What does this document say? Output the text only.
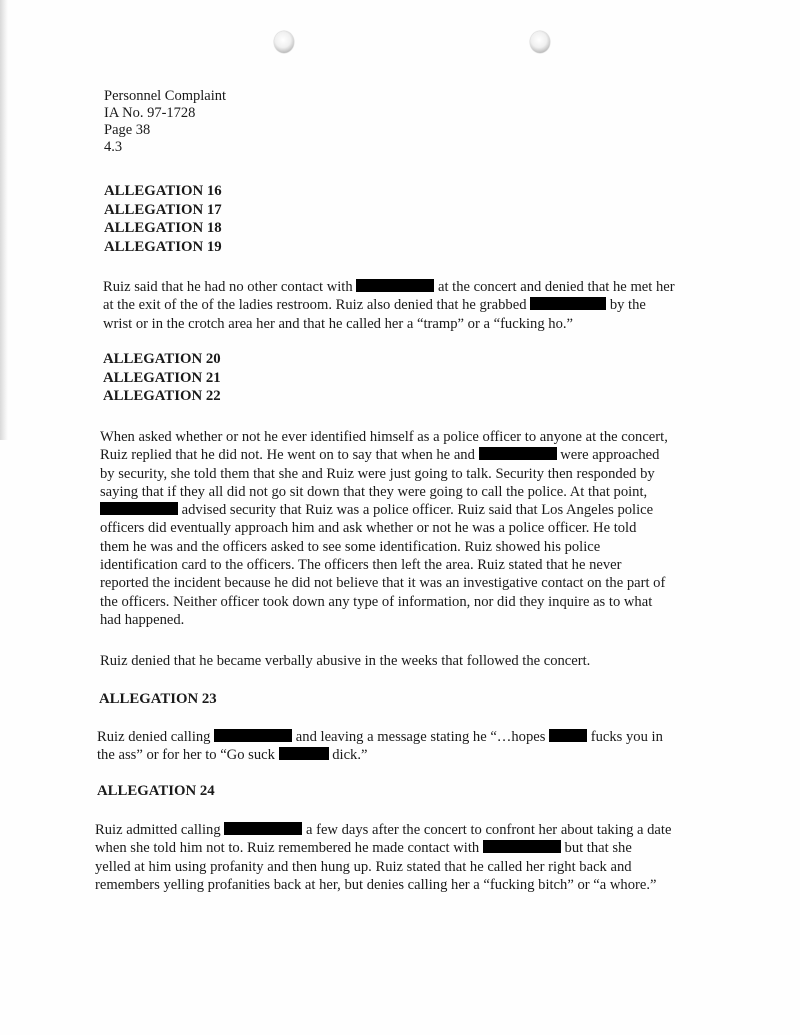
Personnel Complaint
IA No. 97-1728
Page 38
4.3
ALLEGATION 16
ALLEGATION 17
ALLEGATION 18
ALLEGATION 19

Ruiz said that he had no other contact with	at the concert and denied that he met her

at the exit of the of the ladies restroom. Ruiz also denied that he grabbed	by the

wrist or in the crotch area her and that he called her a “tramp” or a “fucking ho.”

ALLEGATION 20
ALLEGATION 21
ALLEGATION 22

When asked whether or not he ever identified himself as a police officer to anyone at the concert,

Ruiz replied that he did not. He went on to say that when he and	were approached

by security, she told them that she and Ruiz were just going to talk. Security then responded by

saying that if they all did not go sit down that they were going to call the police. At that point,

advised security that Ruiz was a police officer. Ruiz said that Los Angeles police

officers did eventually approach him and ask whether or not he was a police officer. He told

them he was and the officers asked to see some identification. Ruiz showed his police

identification card to the officers. The officers then left the area. Ruiz stated that he never

reported the incident because he did not believe that it was an investigative contact on the part of

the officers. Neither officer took down any type of information, nor did they inquire as to what

had happened.

Ruiz denied that he became verbally abusive in the weeks that followed the concert.

ALLEGATION 23

Ruiz denied calling	and leaving a message stating he “…hopes	fucks you in

the ass” or for her to “Go suck	dick.”

ALLEGATION 24

Ruiz admitted calling	a few days after the concert to confront her about taking a date

when she told him not to. Ruiz remembered he made contact with	but that she

yelled at him using profanity and then hung up. Ruiz stated that he called her right back and

remembers yelling profanities back at her, but denies calling her a “fucking bitch” or “a whore.”
